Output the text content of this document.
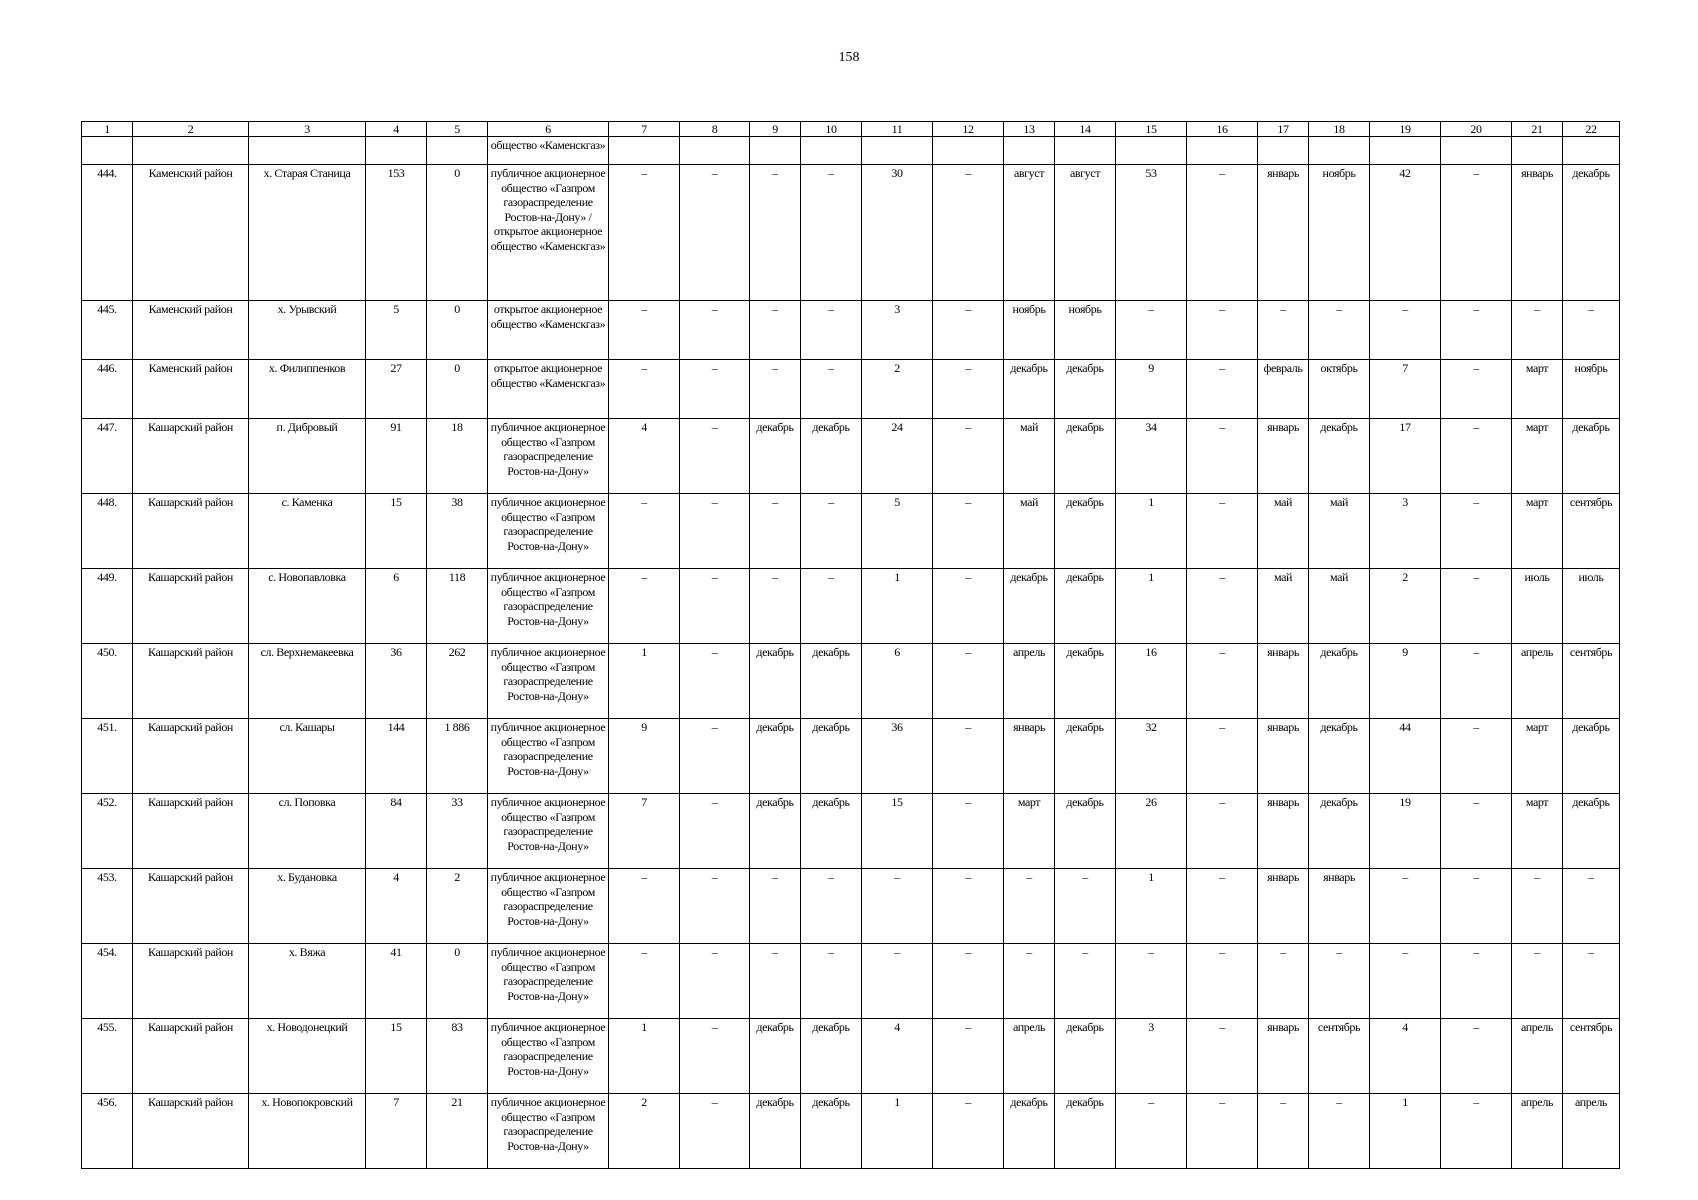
158
1	2	3	4	5	6	7	8	9	10	11	12	13	14	15	16	17	18	19	20	21	22
					общество «Каменскгаз»																
444.	Каменский район	х. Старая Станица	153	0	публичное акционерное общество «Газпром газораспределение Ростов-на-Дону» / открытое акционерное общество «Каменскгаз»	–	–	–	–	30	–	август	август	53	–	январь	ноябрь	42	–	январь	декабрь
445.	Каменский район	х. Урывский	5	0	открытое акционерное общество «Каменскгаз»	–	–	–	–	3	–	ноябрь	ноябрь	–	–	–	–	–	–	–	–
446.	Каменский район	х. Филиппенков	27	0	открытое акционерное общество «Каменскгаз»	–	–	–	–	2	–	декабрь	декабрь	9	–	февраль	октябрь	7	–	март	ноябрь
447.	Кашарский район	п. Дибровый	91	18	публичное акционерное общество «Газпром газораспределение Ростов-на-Дону»	4	–	декабрь	декабрь	24	–	май	декабрь	34	–	январь	декабрь	17	–	март	декабрь
448.	Кашарский район	с. Каменка	15	38	публичное акционерное общество «Газпром газораспределение Ростов-на-Дону»	–	–	–	–	5	–	май	декабрь	1	–	май	май	3	–	март	сентябрь
449.	Кашарский район	с. Новопавловка	6	118	публичное акционерное общество «Газпром газораспределение Ростов-на-Дону»	–	–	–	–	1	–	декабрь	декабрь	1	–	май	май	2	–	июль	июль
450.	Кашарский район	сл. Верхнемакеевка	36	262	публичное акционерное общество «Газпром газораспределение Ростов-на-Дону»	1	–	декабрь	декабрь	6	–	апрель	декабрь	16	–	январь	декабрь	9	–	апрель	сентябрь
451.	Кашарский район	сл. Кашары	144	1 886	публичное акционерное общество «Газпром газораспределение Ростов-на-Дону»	9	–	декабрь	декабрь	36	–	январь	декабрь	32	–	январь	декабрь	44	–	март	декабрь
452.	Кашарский район	сл. Поповка	84	33	публичное акционерное общество «Газпром газораспределение Ростов-на-Дону»	7	–	декабрь	декабрь	15	–	март	декабрь	26	–	январь	декабрь	19	–	март	декабрь
453.	Кашарский район	х. Будановка	4	2	публичное акционерное общество «Газпром газораспределение Ростов-на-Дону»	–	–	–	–	–	–	–	–	1	–	январь	январь	–	–	–	–
454.	Кашарский район	х. Вяжа	41	0	публичное акционерное общество «Газпром газораспределение Ростов-на-Дону»	–	–	–	–	–	–	–	–	–	–	–	–	–	–	–	–
455.	Кашарский район	х. Новодонецкий	15	83	публичное акционерное общество «Газпром газораспределение Ростов-на-Дону»	1	–	декабрь	декабрь	4	–	апрель	декабрь	3	–	январь	сентябрь	4	–	апрель	сентябрь
456.	Кашарский район	х. Новопокровский	7	21	публичное акционерное общество «Газпром газораспределение Ростов-на-Дону»	2	–	декабрь	декабрь	1	–	декабрь	декабрь	–	–	–	–	1	–	апрель	апрель
